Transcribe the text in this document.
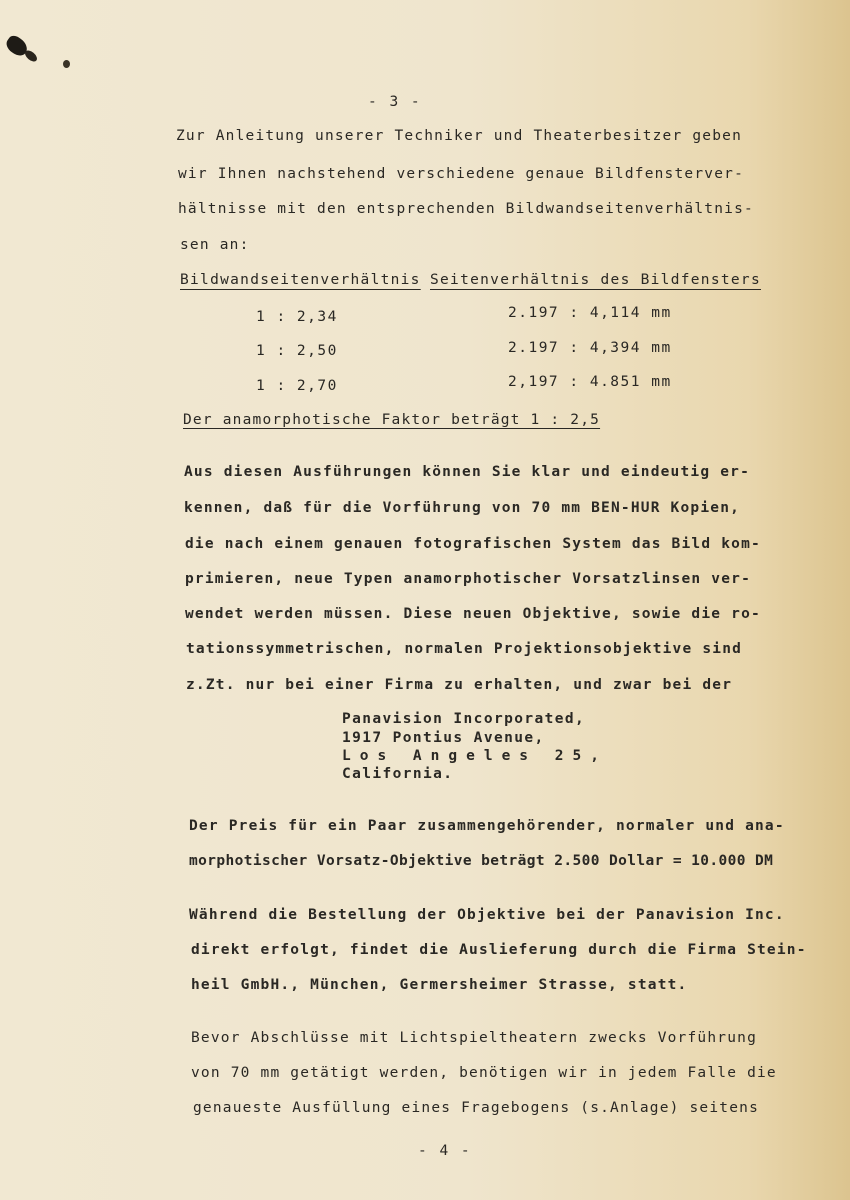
- 3 -
Zur Anleitung unserer Techniker und Theaterbesitzer geben
wir Ihnen nachstehend verschiedene genaue Bildfensterver-
hältnisse mit den entsprechenden Bildwandseitenverhältnis-
sen an:
Bildwandseitenverhältnis Seitenverhältnis des Bildfensters
1 : 2,34	2.197 : 4,114 mm
1 : 2,50	2.197 : 4,394 mm
1 : 2,70	2,197 : 4.851 mm
Der anamorphotische Faktor beträgt 1 : 2,5
Aus diesen Ausführungen können Sie klar und eindeutig er-
kennen, daß für die Vorführung von 70 mm BEN-HUR Kopien,
die nach einem genauen fotografischen System das Bild kom-
primieren, neue Typen anamorphotischer Vorsatzlinsen ver-
wendet werden müssen. Diese neuen Objektive, sowie die ro-
tationssymmetrischen, normalen Projektionsobjektive sind
z.Zt. nur bei einer Firma zu erhalten, und zwar bei der
Panavision Incorporated,
1917 Pontius Avenue,
Los Angeles 25,
California.
Der Preis für ein Paar zusammengehörender, normaler und ana-
morphotischer Vorsatz-Objektive beträgt 2.500 Dollar = 10.000 DM
Während die Bestellung der Objektive bei der Panavision Inc.
direkt erfolgt, findet die Auslieferung durch die Firma Stein-
heil GmbH., München, Germersheimer Strasse, statt.
Bevor Abschlüsse mit Lichtspieltheatern zwecks Vorführung
von 70 mm getätigt werden, benötigen wir in jedem Falle die
genaueste Ausfüllung eines Fragebogens (s.Anlage) seitens
- 4 -
